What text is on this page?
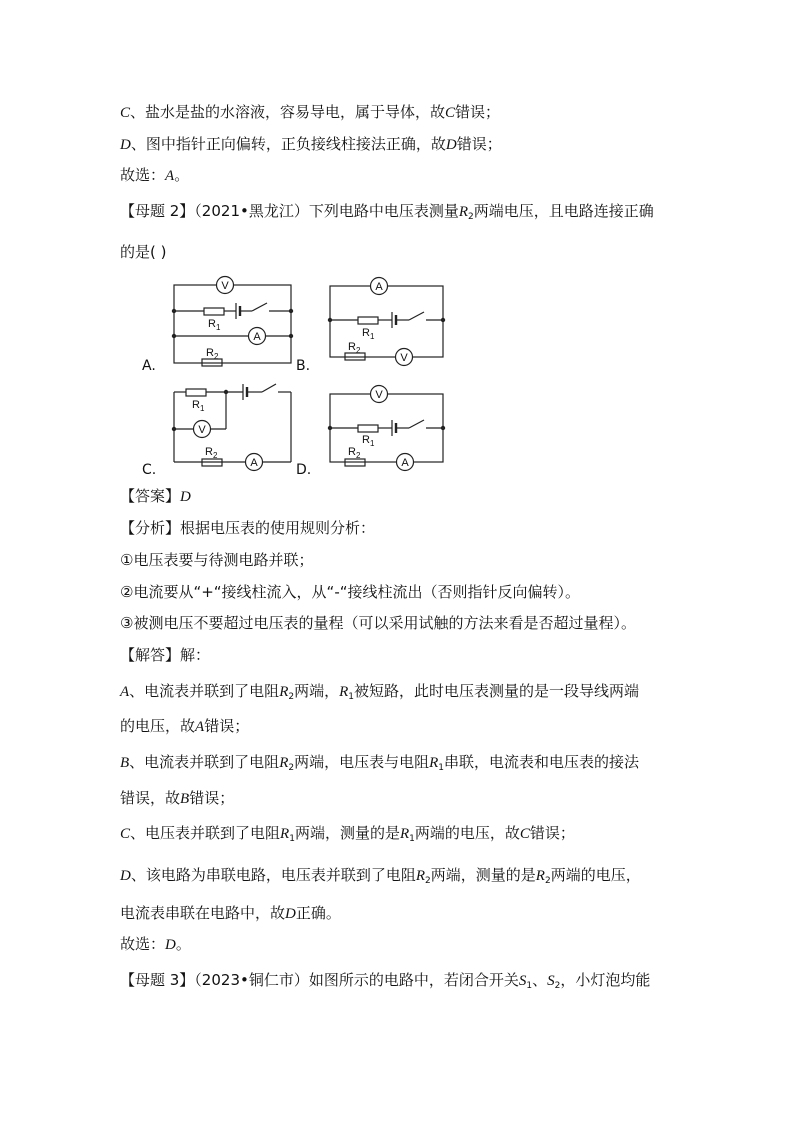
C、盐水是盐的水溶液，容易导电，属于导体，故C错误；
D、图中指针正向偏转，正负接线柱接法正确，故D错误；
故选：A。
【母题 2】（2021•黑龙江）下列电路中电压表测量$R_2$两端电压，且电路连接正确
的是( )
V
A
A
V
V
A
V
A
R 1
R 2
R 1
R 2
R 1
R 2
R 1
R 2
A.	B.
C.	D.
【答案】D
【分析】根据电压表的使用规则分析：
①电压表要与待测电路并联；
②电流要从“+“接线柱流入，从“-“接线柱流出（否则指针反向偏转）。
③被测电压不要超过电压表的量程（可以采用试触的方法来看是否超过量程）。
【解答】解：
A、电流表并联到了电阻$R_2$两端，$R_1$被短路，此时电压表测量的是一段导线两端
的电压，故A错误；
B、电流表并联到了电阻$R_2$两端，电压表与电阻$R_1$串联，电流表和电压表的接法
错误，故B错误；
C、电压表并联到了电阻$R_1$两端，测量的是$R_1$两端的电压，故C错误；
D、该电路为串联电路，电压表并联到了电阻$R_2$两端，测量的是$R_2$两端的电压，
电流表串联在电路中，故D正确。
故选：D。
【母题 3】（2023•铜仁市）如图所示的电路中，若闭合开关$S_1$、$S_2$，小灯泡均能
